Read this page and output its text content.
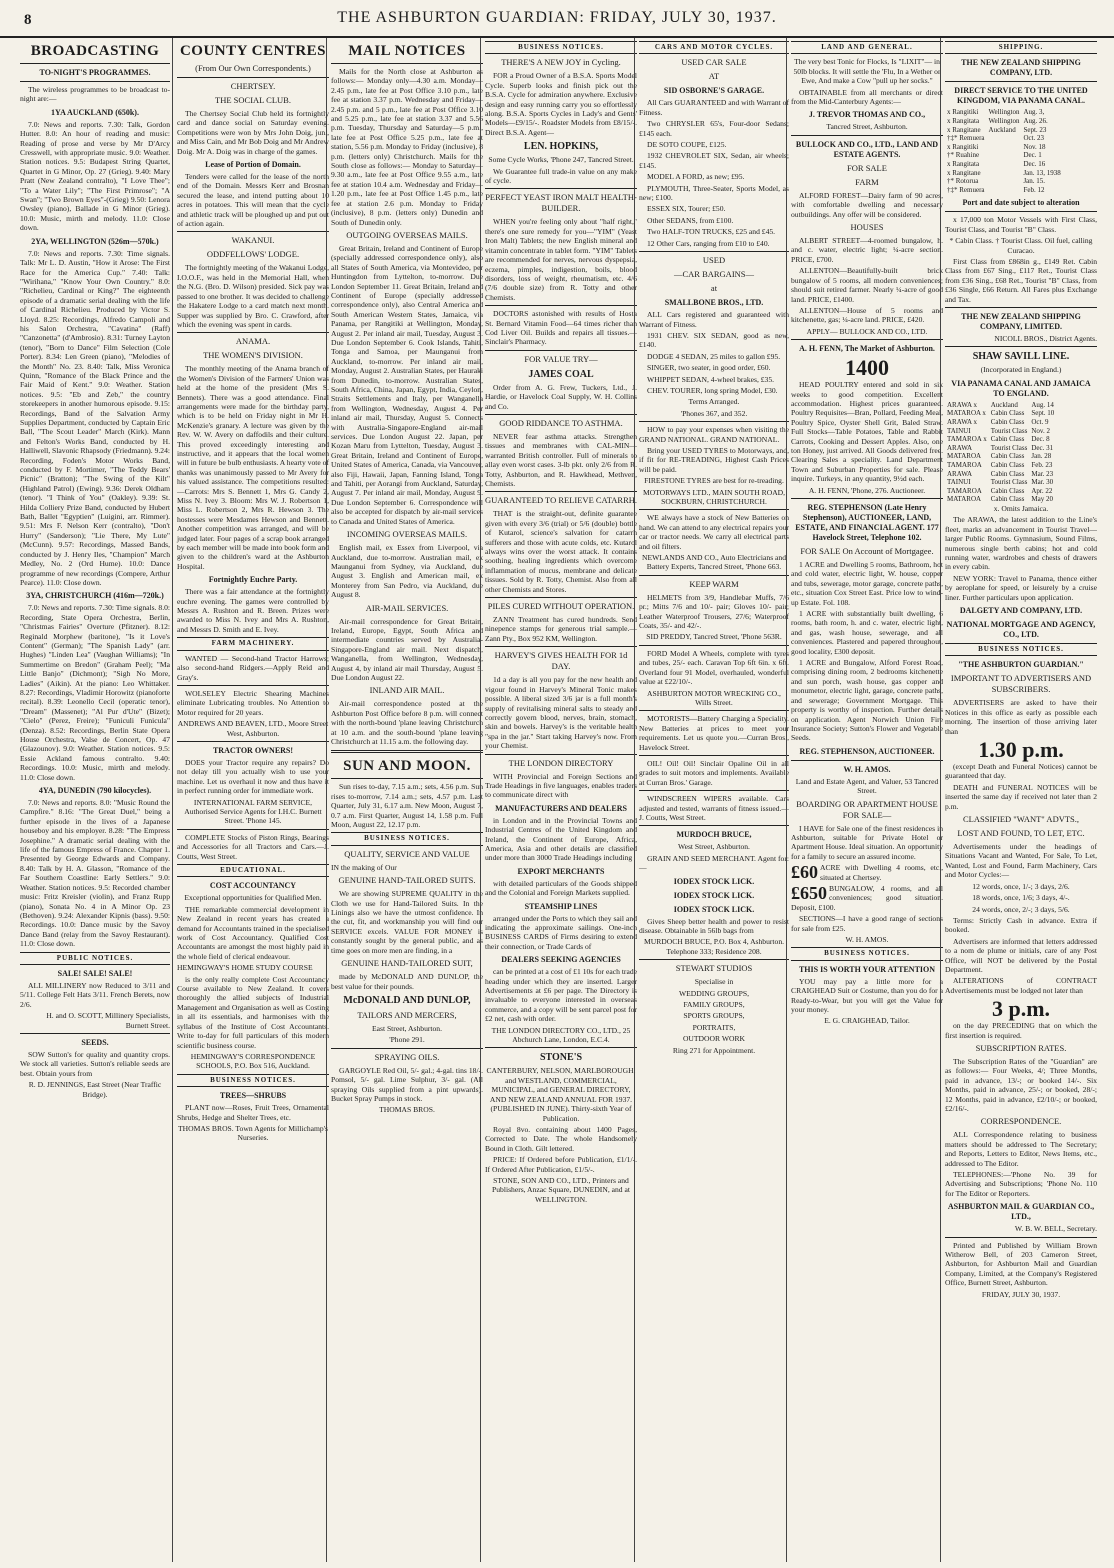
8	THE ASHBURTON GUARDIAN: FRIDAY, JULY 30, 1937.
BROADCASTING
TO-NIGHT'S PROGRAMMES.

The wireless programmes to be broadcast to-night are:—

1YA AUCKLAND (650k).

7.0: News and reports. 7.30: Talk, Gordon Hutter. 8.0: An hour of reading and music: Reading of prose and verse by Mr D'Arcy Cresswell, with appropriate music. 9.0: Weather. Station notices. 9.5: Budapest String Quartet, Quartet in G Minor, Op. 27 (Grieg). 9.40: Mary Pratt (New Zealand contralto), "I Love Thee"; "To a Water Lily"; "The First Primrose"; "A Swan"; "Two Brown Eyes"-(Grieg) 9.50: Lenora Owsley (piano), Ballade in G Minor (Grieg). 10.0: Music, mirth and melody. 11.0: Close down.

2YA, WELLINGTON (526m—570k.)

7.0: News and reports. 7.30: Time signals. Talk: Mr L. D. Austin, "How it Arose: The First Race for the America Cup." 7.40: Talk: "Wirihana," "Know Your Own Country." 8.0: "Richelieu, Cardinal or King?" The eighteenth episode of a dramatic serial dealing with the life of Cardinal Richelieu. Produced by Victor S. Lloyd. 8.25: Recordings, Alfredo Campoli and his Salon Orchestra, "Cavatina" (Raff) "Canzonetta" (d'Ambrosio). 8.31: Turney Layton (tenor), "Born to Dance" Film Selection (Cole Porter). 8.34: Len Green (piano), "Melodies of the Month" No. 23. 8.40: Talk, Miss Veronica Quinn, "Romance of the Black Prince and the Fair Maid of Kent." 9.0: Weather. Station notices. 9.5: "Eb and Zeb," the country storekeepers in another humorous episode. 9.15: Recordings, Band of the Salvation Army Supplies Department, conducted by Captain Eric Ball, "The Scout Leader" March (Kirk). Mann and Felton's Works Band, conducted by H. Halliwell, Slavonic Rhapsody (Friedmann). 9.24: Recording, Foden's Motor Works Band, conducted by F. Mortimer, "The Teddy Bears' Picnic" (Bratton); "The Swing of the Kilt" (Highland Patrol) (Ewing). 9.36: Derek Oldham (tenor). "I Think of You" (Oakley). 9.39: St. Hilda Colliery Prize Band, conducted by Hubert Bath, Ballet "Egyptien" (Luigini, arr. Rimmer). 9.51: Mrs F. Nelson Kerr (contralto), "Don't Hurry" (Sanderson); "Lie There, My Lute" (McCunn). 9.57: Recordings, Massed Bands, conducted by J. Henry Iles, "Champion" March Medley, No. 2 (Ord Hume). 10.0: Dance programme of new recordings (Compere, Arthur Pearce). 11.0: Close down.

3YA, CHRISTCHURCH (416m—720k.)

7.0: News and reports. 7.30: Time signals. 8.0: Recording, State Opera Orchestra, Berlin, "Christmas Fairies" Overture (Pfitzner). 8.12: Reginald Morphew (baritone), "Is it Love's Content" (German); "The Spanish Lady" (arr. Hughes) "Linden Lea" (Vaughan Williams); "In Summertime on Bredon" (Graham Peel); "Ma Little Banjo" (Dichmont); "Sigh No More, Ladies" (Aikin). At the piano: Leo Whittaker. 8.27: Recordings, Vladimir Horowitz (pianoforte recital). 8.39: Leonello Cecil (operatic tenor), "Dream" (Massenet); "Al Pur d'Ute" (Bizet); "Cielo" (Perez, Freire); "Funiculi Funicula" (Denza). 8.52: Recordings, Berlin State Opera House Orchestra, Valse de Concert, Op. 47 (Glazounov). 9.0: Weather. Station notices. 9.5: Essie Ackland famous contralto. 9.40: Recordings. 10.0: Music, mirth and melody. 11.0: Close down.

4YA, DUNEDIN (790 kilocycles).

7.0: News and reports. 8.0: "Music Round the Campfire." 8.16: "The Great Duel," being a further episode in the lives of a Japanese houseboy and his employer. 8.28: "The Empress Josephine." A dramatic serial dealing with the life of the famous Empress of France. Chapter 1. Presented by George Edwards and Company. 8.40: Talk by H. A. Glasson, "Romance of the Far Southern Coastline: Early Settlers." 9.0: Weather. Station notices. 9.5: Recorded chamber music: Fritz Kreisler (violin), and Franz Rupp (piano), Sonata No. 4 in A Minor Op. 23 (Bethoven). 9.24: Alexander Kipnis (bass). 9.50: Recordings. 10.0: Dance music by the Savoy Dance Band (relay from the Savoy Restaurant). 11.0: Close down.

PUBLIC NOTICES.
SALE! SALE! SALE!

ALL MILLINERY now Reduced to 3/11 and 5/11. College Felt Hats 3/11. French Berets, now 2/6.

H. and O. SCOTT, Millinery Specialists, Burnett Street.

SEEDS.

SOW Sutton's for quality and quantity crops. We stock all varieties. Sutton's reliable seeds are best. Obtain yours from

R. D. JENNINGS, East Street (Near Traffic Bridge).

COUNTY CENTRES
(From Our Own Correspondents.)
CHERTSEY.
THE SOCIAL CLUB.

The Chertsey Social Club held its fortnightly card and dance social on Saturday evening. Competitions were won by Mrs John Doig, jun., and Miss Cain, and Mr Bob Doig and Mr Andrew Doig. Mr A. Doig was in charge of the games.

Lease of Portion of Domain.

Tenders were called for the lease of the north end of the Domain. Messrs Kerr and Brosnan secured the lease, and intend putting about 10 acres in potatoes. This will mean that the cycle and athletic track will be ploughed up and put out of action again.

WAKANUI.
ODDFELLOWS' LODGE.

The fortnightly meeting of the Wakanui Lodge, I.O.O.F., was held in the Memorial Hall, when the N.G. (Bro. D. Wilson) presided. Sick pay was passed to one brother. It was decided to challenge the Hakatere Lodge to a card match next month. Supper was supplied by Bro. C. Crawford, after which the evening was spent in cards.

ANAMA.
THE WOMEN'S DIVISION.

The monthly meeting of the Anama branch of the Women's Division of the Farmers' Union was held at the home of the president (Mrs S. Bennets). There was a good attendance. Final arrangements were made for the birthday party, which is to be held on Friday night in Mr H. McKenzie's granary. A lecture was given by the Rev. W. W. Avery on daffodils and their culture. This proved exceedingly interesting and instructive, and it appears that the local women will in future be bulb enthusiasts. A hearty vote of thanks was unanimously passed to Mr Avery for his valued assistance. The competitions resulted:—Carrots: Mrs S. Bennett 1, Mrs G. Candy 2, Miss N. Ivey 3. Bloom: Mrs W. J. Robertson 1, Miss L. Robertson 2, Mrs R. Hewson 3. The hostesses were Mesdames Hewson and Bennett. Another competition was arranged, and will be judged later. Four pages of a scrap book arranged by each member will be made into book form and given to the children's ward at the Ashburton Hospital.

Fortnightly Euchre Party.

There was a fair attendance at the fortnightly euchre evening. The games were controlled by Messrs A. Rushton and R. Breen. Prizes were awarded to Miss N. Ivey and Mrs A. Rushton, and Messrs D. Smith and E. Ivey.

FARM MACHINERY.

WANTED — Second-hand Tractor Harrows; also second-hand Ridgers.—Apply Reid and Gray's.

WOLSELEY Electric Shearing Machines eliminate Lubricating troubles. No Attention to Motor required for 20 years.

ANDREWS AND BEAVEN, LTD., Moore Street West, Ashburton.

TRACTOR OWNERS!

DOES your Tractor require any repairs? Do not delay till you actually wish to use your machine. Let us overhaul it now and thus have it in perfect running order for immediate work.

INTERNATIONAL FARM SERVICE, Authorised Service Agents for I.H.C. Burnett Street. 'Phone 145.

COMPLETE Stocks of Piston Rings, Bearings and Accessories for all Tractors and Cars.—J. Coutts, West Street.

EDUCATIONAL.
COST ACCOUNTANCY

Exceptional opportunities for Qualified Men.

THE remarkable commercial development in New Zealand in recent years has created a demand for Accountants trained in the specialised work of Cost Accountancy. Qualified Cost Accountants are amongst the most highly paid in the whole field of clerical endeavour.

HEMINGWAY'S HOME STUDY COURSE

is the only really complete Cost Accountancy Course available to New Zealand. It covers thoroughly the allied subjects of Industrial Management and Organisation as well as Costing in all its essentials, and harmonises with the syllabus of the Institute of Cost Accountants. Write to-day for full particulars of this modern scientific business course.

HEMINGWAY'S CORRESPONDENCE SCHOOLS, P.O. Box 516, Auckland.

BUSINESS NOTICES.
TREES—SHRUBS

PLANT now—Roses, Fruit Trees, Ornamental Shrubs, Hedge and Shelter Trees, etc.

THOMAS BROS. Town Agents for Millichamp's Nurseries.

MAIL NOTICES

Mails for the North close at Ashburton as follows:— Monday only—4.30 a.m. Monday—2.45 p.m., late fee at Post Office 3.10 p.m., late fee at station 3.37 p.m. Wednesday and Friday—2.45 p.m. and 5 p.m., late fee at Post Office 3.10 and 5.25 p.m., late fee at station 3.37 and 5.56 p.m. Tuesday, Thursday and Saturday—5 p.m., late fee at Post Office 5.25 p.m., late fee at station, 5.56 p.m. Monday to Friday (inclusive), 8 p.m. (letters only) Christchurch. Mails for the South close as follows:— Monday to Saturday—9.30 a.m., late fee at Post Office 9.55 a.m., late fee at station 10.4 a.m. Wednesday and Friday—1.20 p.m., late fee at Post Office 1.45 p.m., late fee at station 2.6 p.m. Monday to Friday (inclusive), 8 p.m. (letters only) Dunedin and South of Dunedin only.

OUTGOING OVERSEAS MAILS.

Great Britain, Ireland and Continent of Europe (specially addressed correspondence only), also all States of South America, via Montevideo, per Huntingdon from Lyttelton, to-morrow. Due London September 11. Great Britain, Ireland and Continent of Europe (specially addressed correspondence only), also Central America and South American Western States, Jamaica, via Panama, per Rangitiki at Wellington, Monday, August 2. Per inland air mail, Tuesday, August 3. Due London September 6. Cook Islands, Tahiti, Tonga and Samoa, per Maunganui from Auckland, to-morrow. Per inland air mail, Monday, August 2. Australian States, per Hauraki from Dunedin, to-morrow. Australian States, South Africa, China, Japan, Egypt, India, Ceylon, Straits Settlements and Italy, per Wanganella from Wellington, Wednesday, August 4. Per inland air mail, Thursday, August 5. Connects with Australia-Singapore-England air-mail services. Due London August 22. Japan, per Kozan Maru from Lyttelton, Tuesday, August 3. Great Britain, Ireland and Continent of Europe, United States of America, Canada, via Vancouver, also Fiji, Hawaii, Japan, Fanning Island, Tonga and Tahiti, per Aorangi from Auckland, Saturday, August 7. Per inland air mail, Monday, August 9. Due London September 6. Correspondence will also be accepted for dispatch by air-mail services to Canada and United States of America.

INCOMING OVERSEAS MAILS.

English mail, ex Essex from Liverpool, via Auckland, due to-morrow. Australian mail, ex Maunganui from Sydney, via Auckland, due August 3. English and American mail, ex Monterey from San Pedro, via Auckland, due August 8.

AIR-MAIL SERVICES.

Air-mail correspondence for Great Britain, Ireland, Europe, Egypt, South Africa and intermediate countries served by Australia-Singapore-England air mail. Next dispatch, Wanganella, from Wellington, Wednesday, August 4, by inland air mail Thursday, August 5. Due London August 22.

INLAND AIR MAIL.

Air-mail correspondence posted at the Ashburton Post Office before 8 p.m. will connect with the north-bound 'plane leaving Christchurch at 10 a.m. and the south-bound 'plane leaving Christchurch at 11.15 a.m. the following day.

SUN AND MOON.

Sun rises to-day, 7.15 a.m.; sets, 4.56 p.m. Sun rises to-morrow, 7.14 a.m.; sets, 4.57 p.m. Last Quarter, July 31, 6.17 a.m. New Moon, August 7, 0.7 a.m. First Quarter, August 14, 1.58 p.m. Full Moon, August 22, 12.17 p.m.

BUSINESS NOTICES.
QUALITY, SERVICE AND VALUE

IN the making of Our

GENUINE HAND-TAILORED SUITS.

We are showing SUPREME QUALITY in the Cloth we use for Hand-Tailored Suits. In the Linings also we have the utmost confidence. In the cut, fit, and workmanship you will find our SERVICE excels. VALUE FOR MONEY is constantly sought by the general public, and as time goes on more men are finding, in a

GENUINE HAND-TAILORED SUIT,

made by McDONALD AND DUNLOP, the best value for their pounds.

McDONALD AND DUNLOP,
TAILORS AND MERCERS,

East Street, Ashburton.

'Phone 291.

SPRAYING OILS.

GARGOYLE Red Oil, 5/- gal.; 4-gal. tins 18/-. Pomsol, 5/- gal. Lime Sulphur, 3/- gal. (All spraying Oils supplied from a pint upwards). Bucket Spray Pumps in stock.

THOMAS BROS.

BUSINESS NOTICES.
THERE'S A NEW JOY in Cycling.

FOR a Proud Owner of a B.S.A. Sports Model Cycle. Superb looks and finish pick out the B.S.A. Cycle for admiration anywhere. Exclusive design and easy running carry you so effortlessly along. B.S.A. Sports Cycles in Lady's and Gents' Models—£9/15/-. Roadster Models from £8/15/-. Direct B.S.A. Agent—

LEN. HOPKINS,

Some Cycle Works, 'Phone 247, Tancred Street.

We Guarantee full trade-in value on any make of cycle.

PERFECT YEAST IRON MALT HEALTH-BUILDER.

WHEN you're feeling only about "half right," there's one sure remedy for you—"YIM" (Yeast Iron Malt) Tablets; the new English mineral and vitamin concentrate in tablet form. "YIM" Tablets are recommended for nerves, nervous dyspepsia, eczema, pimples, indigestion, boils, blood disorders, loss of weight, rheumatism, etc. 4/6 (7/6 double size) from R. Totty and other Chemists.

DOCTORS astonished with results of Hosta St. Bernard Vitamin Food—64 times richer than Cod Liver Oil. Builds and repairs all tissues.—Sinclair's Pharmacy.

FOR VALUE TRY—
JAMES COAL

Order from A. G. Frew, Tuckers, Ltd., J. Hardie, or Havelock Coal Supply, W. H. Collins and Co.

GOOD RIDDANCE TO ASTHMA.

NEVER fear asthma attacks. Strengthen tissues and membranes with CAL-MIN—warranted British controller. Full of minerals to allay even worst cases. 3-lb pkt. only 2/6 from R. Totty, Ashburton, and R. Hawkhead, Methven, Chemists.

GUARANTEED TO RELIEVE CATARRH.

THAT is the straight-out, definite guarantee given with every 3/6 (trial) or 5/6 (double) bottle of Kutarol, science's salvation for catarrh sufferers and those with acute colds, etc. Kutarol always wins over the worst attack. It contains soothing, healing ingredients which overcome inflammation of mucus, membrane and delicate tissues. Sold by R. Totty, Chemist. Also from all other Chemists and Stores.

PILES CURED WITHOUT OPERATION.

ZANN Treatment has cured hundreds. Send ninepence stamps for generous trial sample.—Zann Pty., Box 952 KM, Wellington.

HARVEY'S GIVES HEALTH FOR 1d DAY.

1d a day is all you pay for the new health and vigour found in Harvey's Mineral Tonic makes possible. A liberal sized 3/6 jar is a full month's supply of revitalising mineral salts to steady and correctly govern blood, nerves, brain, stomach, skin and bowels. Harvey's is the veritable health "spa in the jar." Start taking Harvey's now. From your Chemist.

THE LONDON DIRECTORY

WITH Provincial and Foreign Sections and Trade Headings in five languages, enables traders to communicate direct with

MANUFACTURERS AND DEALERS

in London and in the Provincial Towns and Industrial Centres of the United Kingdom and Ireland, the Continent of Europe, Africa, America, Asia and other details are classified under more than 3000 Trade Headings including

EXPORT MERCHANTS

with detailed particulars of the Goods shipped and the Colonial and Foreign Markets supplied.

STEAMSHIP LINES

arranged under the Ports to which they sail and indicating the approximate sailings. One-inch BUSINESS CARDS of Firms desiring to extend their connection, or Trade Cards of

DEALERS SEEKING AGENCIES

can be printed at a cost of £1 10s for each trade heading under which they are inserted. Larger Advertisements at £6 per page. The Directory is invaluable to everyone interested in overseas commerce, and a copy will be sent parcel post for £2 net, cash with order.

THE LONDON DIRECTORY CO., LTD., 25 Abchurch Lane, London, E.C.4.

STONE'S

CANTERBURY, NELSON, MARLBOROUGH, and WESTLAND, COMMERCIAL, MUNICIPAL, and GENERAL DIRECTORY, AND NEW ZEALAND ANNUAL FOR 1937. (PUBLISHED IN JUNE). Thirty-sixth Year of Publication.

Royal 8vo. containing about 1400 Pages, Corrected to Date. The whole Handsomely Bound in Cloth. Gilt lettered.

PRICE: If Ordered before Publication, £1/1/-. If Ordered After Publication, £1/5/-.

STONE, SON AND CO., LTD., Printers and Publishers, Anzac Square, DUNEDIN, and at WELLINGTON.

CARS AND MOTOR CYCLES.
USED CAR SALE
AT
SID OSBORNE'S GARAGE.

All Cars GUARANTEED and with Warrant of Fitness.

Two CHRYSLER 65's, Four-door Sedans; £145 each.

DE SOTO COUPE, £125.

1932 CHEVROLET SIX, Sedan, air wheels; £145.

MODEL A FORD, as new; £95.

PLYMOUTH, Three-Seater, Sports Model, as new; £100.

ESSEX SIX, Tourer; £50.

Other SEDANS, from £100.

Two HALF-TON TRUCKS, £25 and £45.

12 Other Cars, ranging from £10 to £40.

USED
—CAR BARGAINS—
at
SMALLBONE BROS., LTD.

ALL Cars registered and guaranteed with Warrant of Fitness.

1931 CHEV. SIX SEDAN, good as new, £140.

DODGE 4 SEDAN, 25 miles to gallon £95.

SINGER, two seater, in good order, £60.

WHIPPET SEDAN, 4-wheel brakes, £35.

CHEV. TOURER, long spring Model, £30.

Terms Arranged.

'Phones 367, and 352.

HOW to pay your expenses when visiting the GRAND NATIONAL. GRAND NATIONAL.

Bring your USED TYRES to Motorways, and, if fit for RE-TREADING, Highest Cash Prices will be paid.

FIRESTONE TYRES are best for re-treading.

MOTORWAYS LTD., MAIN SOUTH ROAD, SOCKBURN, CHRISTCHURCH.

WE always have a stock of New Batteries on hand. We can attend to any electrical repairs your car or tractor needs. We carry all electrical parts and oil filters.

NEWLANDS AND CO., Auto Electricians and Battery Experts, Tancred Street, 'Phone 663.

KEEP WARM

HELMETS from 3/9, Handlebar Muffs, 7/6 pr.; Mitts 7/6 and 10/- pair; Gloves 10/- pair; Leather Waterproof Trousers, 27/6; Waterproof Coats, 35/- and 42/-.

SID PREDDY, Tancred Street, 'Phone 563R.

FORD Model A Wheels, complete with tyres and tubes, 25/- each. Caravan Top 6ft 6in. x 6ft. Overland four 91 Model, overhauled, wonderful value at £22/10/-.

ASHBURTON MOTOR WRECKING CO., Wills Street.

MOTORISTS—Battery Charging a Speciality. New Batteries at prices to meet your requirements. Let us quote you.—Curran Bros., Havelock Street.

OIL! Oil! Oil! Sinclair Opaline Oil in all grades to suit motors and implements. Available at Curran Bros.' Garage.

WINDSCREEN WIPERS available. Cars adjusted and tested, warrants of fitness issued.—J. Coutts, West Street.

MURDOCH BRUCE,

West Street, Ashburton.

GRAIN AND SEED MERCHANT. Agent for:—

IODEX STOCK LICK.
IODEX STOCK LICK.
IODEX STOCK LICK.

Gives Sheep better health and power to resist disease. Obtainable in 56lb bags from

MURDOCH BRUCE, P.O. Box 4, Ashburton. Telephone 333; Residence 208.

STEWART STUDIOS

Specialise in

WEDDING GROUPS,

FAMILY GROUPS,

SPORTS GROUPS,

PORTRAITS,

OUTDOOR WORK

Ring 271 for Appointment.

LAND AND GENERAL.

The very best Tonic for Flocks, Is "LIXIT"— in 50lb blocks. It will settle the 'Flu, In a Wether or Ewe, And make a Cow "pull up her socks."

OBTAINABLE from all merchants or direct from the Mid-Canterbury Agents:—

J. TREVOR THOMAS AND CO.,

Tancred Street, Ashburton.

BULLOCK AND CO., LTD., LAND AND ESTATE AGENTS.
FOR SALE
FARM

ALFORD FOREST—Dairy farm of 90 acres, with comfortable dwelling and necessary outbuildings. Any offer will be considered.

HOUSES

ALBERT STREET—4-roomed bungalow, h. and c. water, electric light; ¼-acre section. PRICE, £700.

ALLENTON—Beautifully-built brick bungalow of 5 rooms, all modern conveniences; should suit retired farmer. Nearly ¼-acre of good land. PRICE, £1400.

ALLENTON—House of 5 rooms and kitchenette, gas; ¼-acre land. PRICE, £420.

APPLY— BULLOCK AND CO., LTD.

A. H. FENN, The Market of Ashburton.
1400

HEAD POULTRY entered and sold in six weeks to good competition. Excellent accommodation. Highest prices guaranteed. Poultry Requisites—Bran, Pollard, Feeding Meal, Poultry Spice, Oyster Shell Grit, Baled Straw. Full Stocks—Table Potatoes, Table and Rabbit Carrots, Cooking and Dessert Apples. Also, one ton Honey, just arrived. All Goods delivered free. Clearing Sales a speciality. Land Department Town and Suburban Properties for sale. Please inquire. Turkeys, in any quantity, 9½d each.

A. H. FENN, 'Phone, 276. Auctioneer.

REG. STEPHENSON (Late Henry Stephenson), AUCTIONEER, LAND, ESTATE, AND FINANCIAL AGENT. 177 Havelock Street, Telephone 102.
FOR SALE On Account of Mortgagee.

1 ACRE and Dwelling 5 rooms, Bathroom, hot and cold water, electric light, W. house, copper and tubs, sewerage, motor garage, concrete paths, etc., situation Cox Street East. Price low to wind-up Estate. Fol. 108.

1 ACRE with substantially built dwelling, 6 rooms, bath room, h. and c. water, electric light, and gas, wash house, sewerage, and all conveniences. Plastered and papered throughout, good locality, £300 deposit.

1 ACRE and Bungalow, Alford Forest Road, comprising dining room, 2 bedrooms kitchenette and sun porch, wash house, gas copper and monumetor, electric light, garage, concrete paths, and sewerage; Government Mortgage. This property is worthy of inspection. Further details on application. Agent Norwich Union Fire Insurance Society; Sutton's Flower and Vegetable Seeds.

REG. STEPHENSON, AUCTIONEER.
W. H. AMOS.

Land and Estate Agent, and Valuer, 53 Tancred Street.

BOARDING OR APARTMENT HOUSE FOR SALE—

I HAVE for Sale one of the finest residences in Ashburton, suitable for Private Hotel or Apartment House. Ideal situation. An opportunity for a family to secure an assured income.

£60 ACRE with Dwelling 4 rooms, etc., situated at Chertsey.

£650 BUNGALOW, 4 rooms, and all conveniences; good situation. Deposit, £100.

SECTIONS—I have a good range of sections for sale from £25.

W. H. AMOS.

BUSINESS NOTICES.
THIS IS WORTH YOUR ATTENTION

YOU may pay a little more for a CRAIGHEAD Suit or Costume, than you do for a Ready-to-Wear, but you will get the Value for your money.

E. G. CRAIGHEAD, Tailor.

SHIPPING.
THE NEW ZEALAND SHIPPING COMPANY, LTD.
DIRECT SERVICE TO THE UNITED KINGDOM, VIA PANAMA CANAL.
x Rangitiki	Wellington	Aug. 3,
x Rangitata	Wellington	Aug. 26.
x Rangitane	Auckland	Sept. 23
†‡* Remuera		Oct. 23
x Rangitiki		Nov. 18
†* Ruahine		Dec. 1
x Rangitata		Dec. 16
x Rangitane		Jan. 13, 1938
†* Rotorua		Jan. 15.
†‡* Remuera		Feb. 12
Port and date subject to alteration

x 17,000 ton Motor Vessels with First Class, Tourist Class, and Tourist "B" Class.

* Cabin Class. † Tourist Class. Oil fuel, calling Curacao.

First Class from £868in g., £149 Ret. Cabin Class from £67 Sing., £117 Ret., Tourist Class from £36 Sing., £68 Ret., Tourist "B" Class, from £36 Single, £66 Return. All Fares plus Exchange and Tax.

THE NEW ZEALAND SHIPPING COMPANY, LIMITED.

NICOLL BROS., District Agents.

SHAW SAVILL LINE.

(Incorporated in England.)

VIA PANAMA CANAL AND JAMAICA TO ENGLAND.
ARAWA x	Auckland	Aug. 14
MATAROA x	Cabin Class	Sept. 10
ARAWA x	Cabin Class	Oct. 9
TAINUI	Tourist Class	Nov. 2
TAMAROA x	Cabin Class	Dec. 8
ARAWA	Tourist Class	Dec. 31
MATAROA	Cabin Class	Jan. 28
TAMAROA	Cabin Class	Feb. 23
ARAWA	Cabin Class	Mar. 23
TAINUI	Tourist Class	Mar. 30
TAMAROA	Cabin Class	Apr. 22
MATAROA	Cabin Class	May 20

x. Omits Jamaica.

The ARAWA, the latest addition to the Line's fleet, marks an advancement in Tourist Travel—larger Public Rooms. Gymnasium, Sound Films, numerous single berth cabins; hot and cold running water, wardrobes and chests of drawers in every cabin.

NEW YORK: Travel to Panama, thence either by aeroplane for speed, or leisurely by a cruise liner. Further particulars upon application.

DALGETY AND COMPANY, LTD.
NATIONAL MORTGAGE AND AGENCY, CO., LTD.
BUSINESS NOTICES.
"THE ASHBURTON GUARDIAN."
IMPORTANT TO ADVERTISERS AND SUBSCRIBERS.

ADVERTISERS are asked to have their Notices in this office as early as possible each morning. The insertion of those arriving later than

1.30 p.m.

(except Death and Funeral Notices) cannot be guaranteed that day.

DEATH and FUNERAL NOTICES will be inserted the same day if received not later than 2 p.m.

CLASSIFIED "WANT" ADVTS.,
LOST AND FOUND, TO LET, ETC.

Advertisements under the headings of Situations Vacant and Wanted, For Sale, To Let, Wanted, Lost and Found, Farm Machinery, Cars and Motor Cycles:—

12 words, once, 1/-; 3 days, 2/6.

18 words, once, 1/6; 3 days, 4/-.

24 words, once, 2/-; 3 days, 5/6.

Terms: Strictly Cash in advance. Extra if booked.

Advertisers are informed that letters addressed to a nom de plume or initials, care of any Post Office, will NOT be delivered by the Postal Department.

ALTERATIONS of CONTRACT Advertisements must be lodged not later than

3 p.m.

on the day PRECEDING that on which the first insertion is required.

SUBSCRIPTION RATES.

The Subscription Rates of the "Guardian" are as follows:— Four Weeks, 4/; Three Months, paid in advance, 13/-; or booked 14/-. Six Months, paid in advance, 25/-; or booked, 28/-; 12 Months, paid in advance, £2/10/-; or booked, £2/16/-.

CORRESPONDENCE.

ALL Correspondence relating to business matters should be addressed to The Secretary; and Reports, Letters to Editor, News Items, etc., addressed to The Editor.

TELEPHONES:—'Phone No. 39 for Advertising and Subscriptions; 'Phone No. 110 for The Editor or Reporters.

ASHBURTON MAIL & GUARDIAN CO., LTD.,

W. B. W. BELL, Secretary.

Printed and Published by William Brown Witherow Bell, of 203 Cameron Street, Ashburton, for Ashburton Mail and Guardian Company, Limited, at the Company's Registered Office, Burnett Street, Ashburton.

FRIDAY, JULY 30, 1937.
